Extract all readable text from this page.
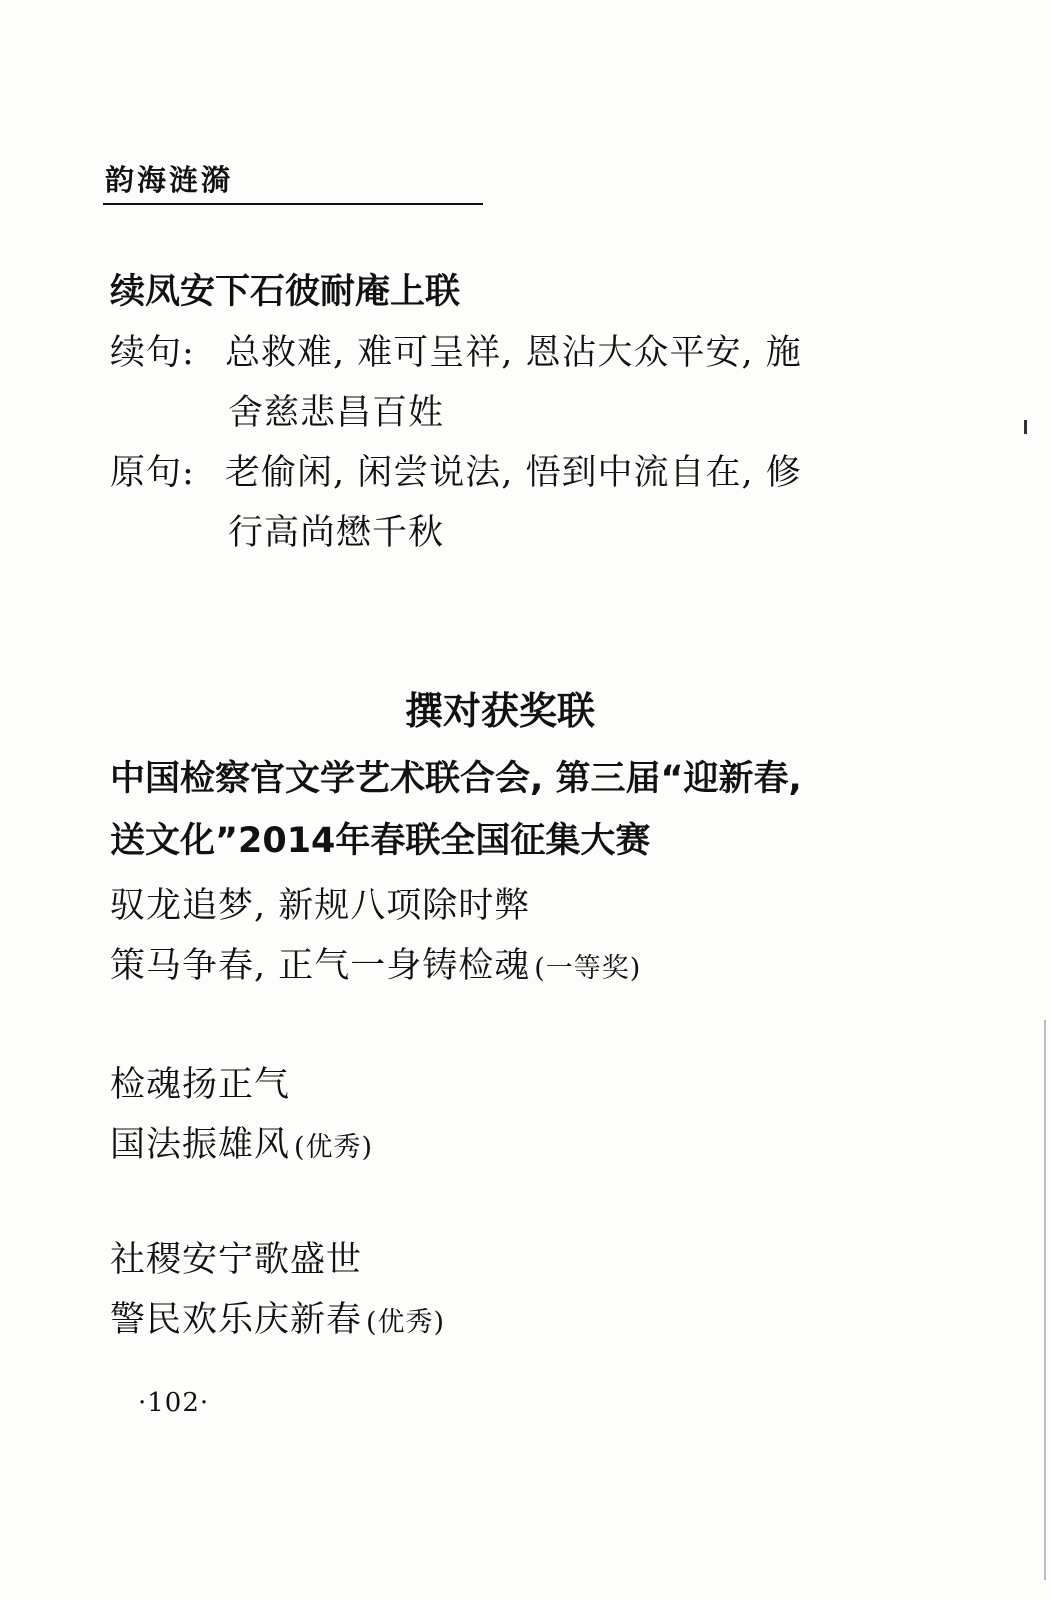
韵海涟漪
续凤安下石彼耐庵上联
续句: 总救难, 难可呈祥, 恩沾大众平安, 施
舍慈悲昌百姓
原句: 老偷闲, 闲尝说法, 悟到中流自在, 修
行高尚懋千秋
撰对获奖联
中国检察官文学艺术联合会, 第三届“迎新春, 送文化”2014年春联全国征集大赛
驭龙追梦, 新规八项除时弊
策马争春, 正气一身铸检魂 (一等奖)
检魂扬正气
国法振雄风 (优秀)
社稷安宁歌盛世
警民欢乐庆新春 (优秀)
·102·
